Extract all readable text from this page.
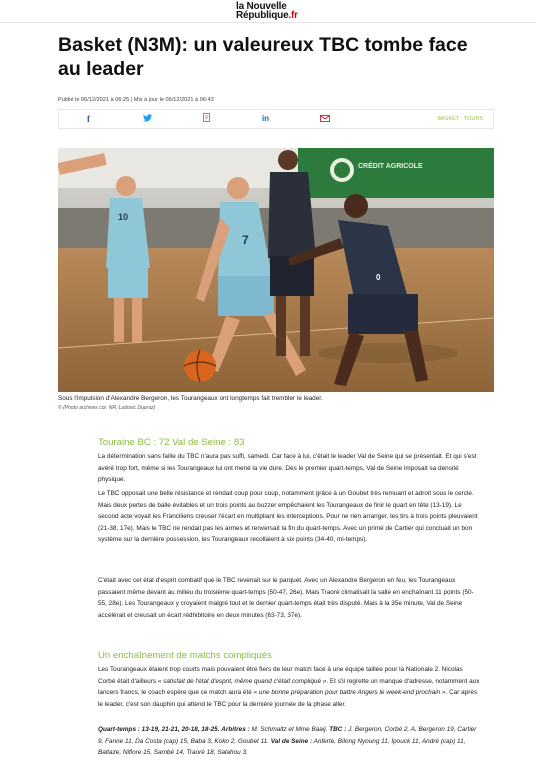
la Nouvelle
République.fr
Basket (N3M): un valeureux TBC tombe face au leader
Publié le 06/12/2021 à 06:25 | Mis à jour le 06/12/2021 à 06:43
f	in	BASKET · TOURS
CRÉDIT AGRICOLE
10
7
0
Sous l'impulsion d'Alexandre Bergeron, les Tourangeaux ont longtemps fait trembler le leader.
© (Photo archives cor. NR, Ludovic Dupraz)
Touraine BC : 72 Val de Seine : 83

La détermination sans faille du TBC n'aura pas suffi, samedi. Car face à lui, c'était le leader Val de Seine qui se présentait. Et qui s'est avéré trop fort, même si les Tourangeaux lui ont mené la vie dure. Dès le premier quart-temps, Val de Seine imposait sa densité physique.

Le TBC opposait une belle résistance et rendait coup pour coup, notamment grâce à un Goubet très remuant et adroit sous le cercle. Mais deux pertes de balle évitables et un trois points au buzzer empêchaient les Tourangeaux de finir le quart en tête (13-19). Le second acte voyait les Franciliens creuser l'écart en multipliant les interceptions. Pour ne rien arranger, les tirs à trois points pleuvaient (21-38, 17e). Mais le TBC ne rendait pas les armes et renversait la fin du quart-temps. Avec un primé de Cartier qui concluait un bon système sur la dernière possession, les Tourangeaux recollaient à six points (34-40, mi-temps).

C'était avec cet état d'esprit combatif que le TBC revenait sur le parquet. Avec un Alexandre Bergeron en feu, les Tourangeaux passaient même devant au milieu du troisième quart-temps (50-47, 26e). Mais Traoré climatisait la salle en enchaînant 11 points (50-55, 28e). Les Tourangeaux y croyaient malgré tout et le dernier quart-temps était très disputé. Mais à la 35e minute, Val de Seine accélérait et creusait un écart rédhibitoire en deux minutes (63-73, 37e).

Un enchaînement de matchs compliqués

Les Tourangeaux étaient trop courts mais pouvaient être fiers de leur match face à une équipe taillée pour la Nationale 2. Nicolas Corbé était d'ailleurs « satisfait de l'état d'esprit, même quand c'était compliqué ». Et s'il regrette un manque d'adresse, notamment aux lancers francs, le coach espère que ce match aura été « une bonne préparation pour battre Angers le week-end prochain ». Car après le leader, c'est son dauphin qui attend le TBC pour la dernière journée de la phase aller.

Quart-temps : 13-19, 21-21, 20-18, 18-25. Arbitres : M. Schmaltz et Mme Baaij. TBC : J. Bergeron, Corbé 2, A. Bergeron 19, Cartier 9, Fanne 11, Da Costa (cap) 15, Baba 3, Koko 2, Goubet 11. Val de Seine : Anferte, Bilong Nyoung 11, Ipouck 11, André (cap) 11, Baltaze, Niflore 15, Sambé 14, Traoré 18, Salahou 3.
